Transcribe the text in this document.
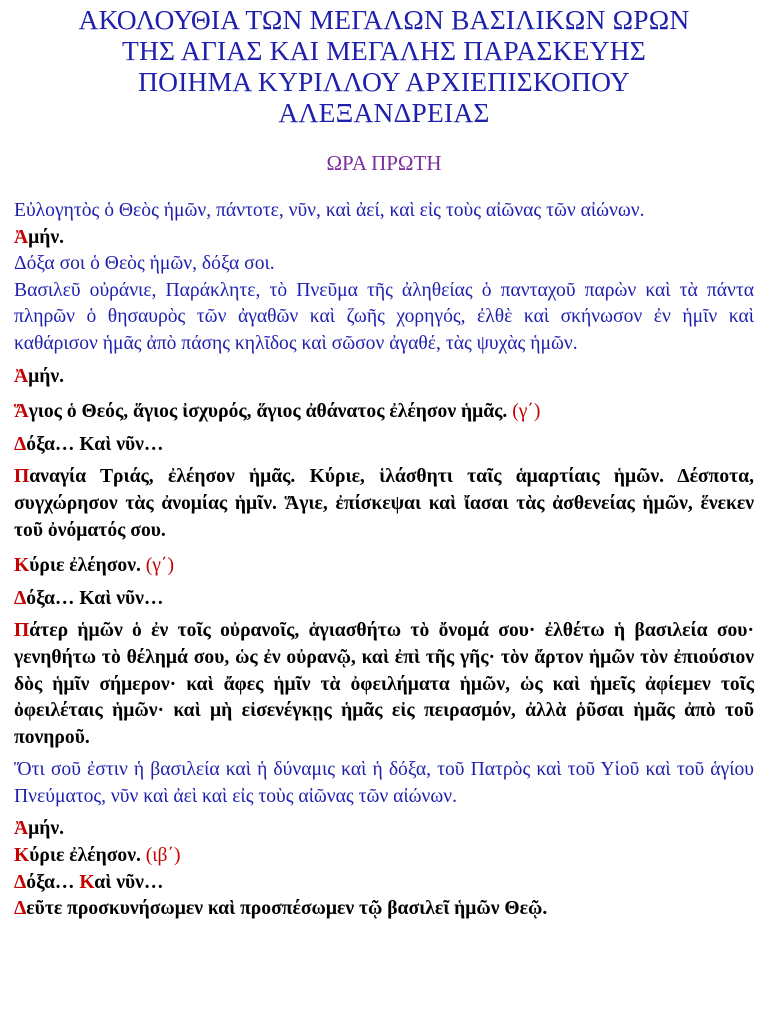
ΑΚΟΛΟΥΘΙΑ ΤΩΝ ΜΕΓΑΛΩΝ ΒΑΣΙΛΙΚΩΝ ΩΡΩΝ
ΤΗΣ ΑΓΙΑΣ ΚΑΙ ΜΕΓΑΛΗΣ ΠΑΡΑΣΚΕΥΗΣ
ΠΟΙΗΜΑ ΚΥΡΙΛΛΟΥ ΑΡΧΙΕΠΙΣΚΟΠΟΥ
ΑΛΕΞΑΝΔΡΕΙΑΣ
ΩΡΑ ΠΡΩΤΗ

Εὐλογητὸς ὁ Θεὸς ἡμῶν, πάντοτε, νῦν, καὶ ἀεί, καὶ εἰς τοὺς αἰῶνας τῶν αἰώνων.

Ἀμήν.

Δόξα σοι ὁ Θεὸς ἡμῶν, δόξα σοι.

Βασιλεῦ οὐράνιε, Παράκλητε, τὸ Πνεῦμα τῆς ἀληθείας ὁ πανταχοῦ παρὼν καὶ τὰ πάντα πληρῶν ὁ θησαυρὸς τῶν ἀγαθῶν καὶ ζωῆς χορηγός, ἐλθὲ καὶ σκήνωσον ἐν ἡμῖν καὶ καθάρισον ἡμᾶς ἀπὸ πάσης κηλῖδος καὶ σῶσον ἀγαθέ, τὰς ψυχὰς ἡμῶν.

Ἀμήν.

Ἅγιος ὁ Θεός, ἅγιος ἰσχυρός, ἅγιος ἀθάνατος ἐλέησον ἡμᾶς. (γ΄)

Δόξα… Καὶ νῦν…

Παναγία Τριάς, ἐλέησον ἡμᾶς. Κύριε, ἱλάσθητι ταῖς ἁμαρτίαις ἡμῶν. Δέσποτα, συγχώρησον τὰς ἀνομίας ἡμῖν. Ἅγιε, ἐπίσκεψαι καὶ ἴασαι τὰς ἀσθενείας ἡμῶν, ἕνεκεν τοῦ ὀνόματός σου.

Κύριε ἐλέησον. (γ΄)

Δόξα… Καὶ νῦν…

Πάτερ ἡμῶν ὁ ἐν τοῖς οὐρανοῖς, ἁγιασθήτω τὸ ὄνομά σου· ἐλθέτω ἡ βασιλεία σου· γενηθήτω τὸ θέλημά σου, ὡς ἐν οὐρανῷ, καὶ ἐπὶ τῆς γῆς· τὸν ἄρτον ἡμῶν τὸν ἐπιούσιον δὸς ἡμῖν σήμερον· καὶ ἄφες ἡμῖν τὰ ὀφειλήματα ἡμῶν, ὡς καὶ ἡμεῖς ἀφίεμεν τοῖς ὀφειλέταις ἡμῶν· καὶ μὴ εἰσενέγκῃς ἡμᾶς εἰς πειρασμόν, ἀλλὰ ῥῦσαι ἡμᾶς ἀπὸ τοῦ πονηροῦ.

Ὅτι σοῦ ἐστιν ἡ βασιλεία καὶ ἡ δύναμις καὶ ἡ δόξα, τοῦ Πατρὸς καὶ τοῦ Υἱοῦ καὶ τοῦ ἁγίου Πνεύματος, νῦν καὶ ἀεὶ καὶ εἰς τοὺς αἰῶνας τῶν αἰώνων.

Ἀμήν.

Κύριε ἐλέησον. (ιβ΄)

Δόξα… Καὶ νῦν…

Δεῦτε προσκυνήσωμεν καὶ προσπέσωμεν τῷ βασιλεῖ ἡμῶν Θεῷ.
